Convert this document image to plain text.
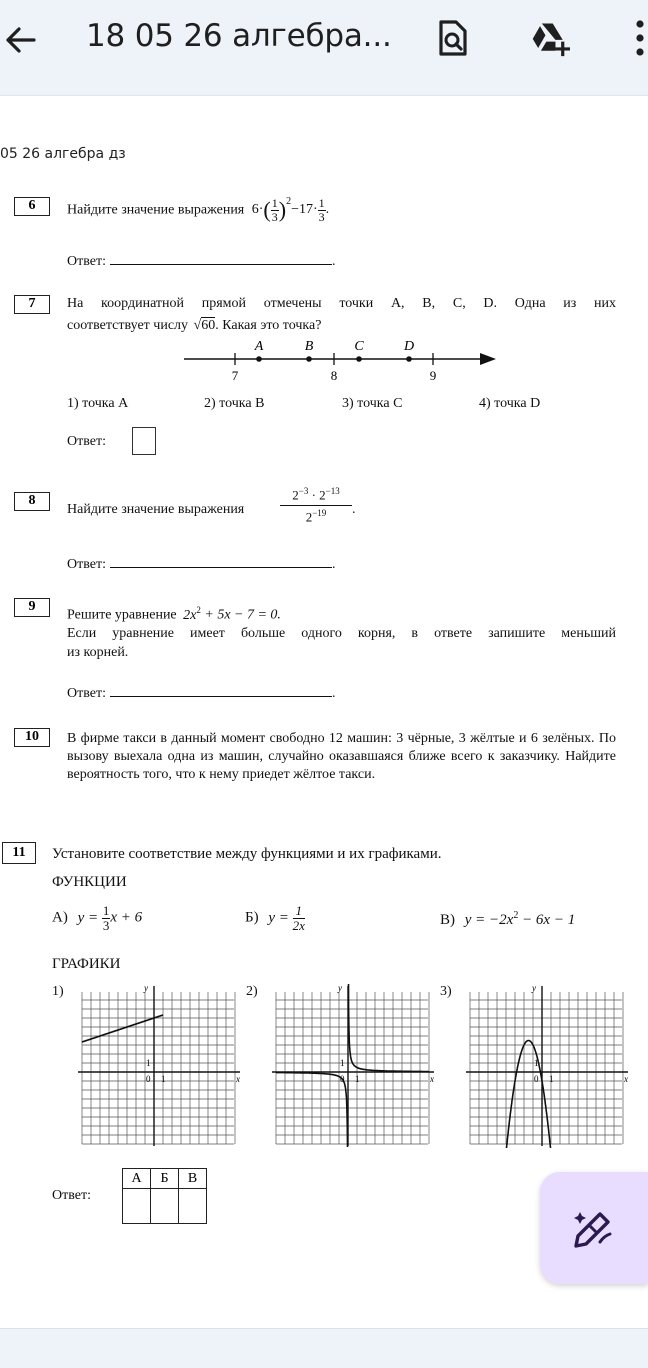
18 05 26 алгебра...
05 26 алгебра дз
6	Найдите значение выражения $6\cdot( \frac{1}{3} )^2-17\cdot \frac{1}{3}$ .
Ответ:	.
7	На координатной прямой отмечены точки A, B, C, D. Одна из них
соответствует числу √60. Какая это точка?
A	B	C	D
7	8	9
1) точка A	2) точка B	3) точка C	4) точка D
Ответ:
8
Найдите значение выражения
$2^{-3} \cdot 2^{-13}$
$2^{-19}$	.
Ответ:	.
9
Решите уравнение $2x^2 + 5x - 7 = 0$.
Если уравнение имеет больше одного корня, в ответе запишите меньший
из корней.
Ответ:	.
10	В фирме такси в данный момент свободно 12 машин: 3 чёрные, 3 жёлтые и 6 зелёных. По вызову выехала одна из машин, случайно оказавшаяся ближе всего к заказчику. Найдите вероятность того, что к нему приедет жёлтое такси.
11	Установите соответствие между функциями и их графиками.
ФУНКЦИИ
А) $y = \frac{1}{3}$ x + 6	Б) $y = \frac{1}{2x}$	В) $y = -2x^2 - 6x - 1$
ГРАФИКИ
1)	2)	3)
x
y
0 1
1
x
y
0 1
1
x
y
0 1
1
Ответ:
А	Б	В
